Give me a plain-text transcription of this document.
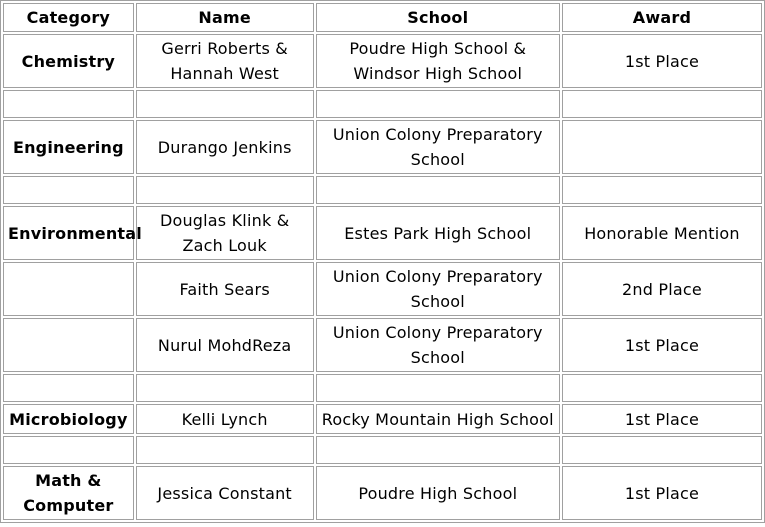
Category	Name	School	Award
Chemistry	Gerri Roberts & Hannah West	Poudre High School & Windsor High School	1st Place

Engineering	Durango Jenkins	Union Colony Preparatory School	

Environmental	Douglas Klink & Zach Louk	Estes Park High School	Honorable Mention
	Faith Sears	Union Colony Preparatory School	2nd Place
	Nurul MohdReza	Union Colony Preparatory School	1st Place

Microbiology	Kelli Lynch	Rocky Mountain High School	1st Place

Math & Computer	Jessica Constant	Poudre High School	1st Place
